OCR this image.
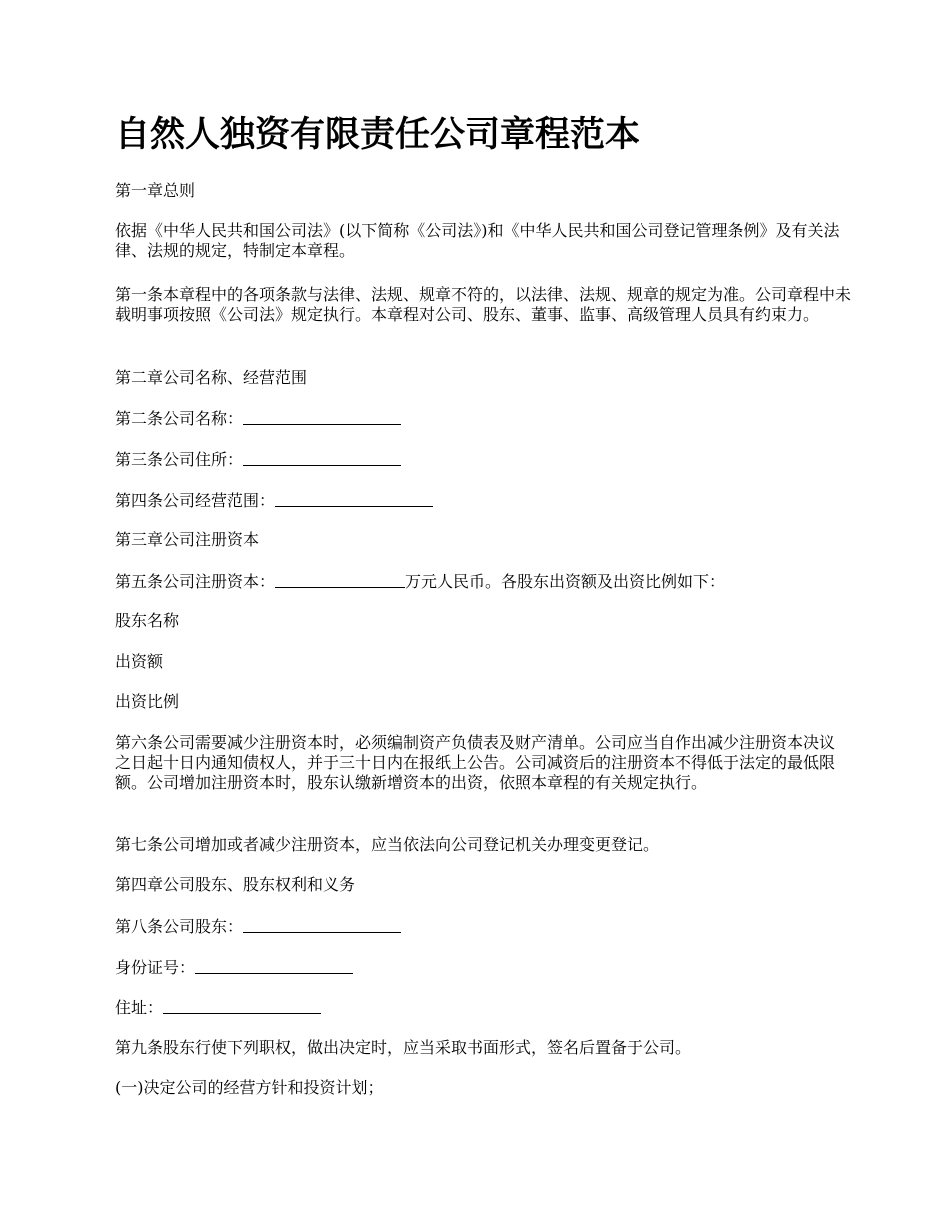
自然人独资有限责任公司章程范本

第一章总则

依据《中华人民共和国公司法》(以下简称《公司法》)和《中华人民共和国公司登记管理条例》及有关法律、法规的规定，特制定本章程。

第一条本章程中的各项条款与法律、法规、规章不符的，以法律、法规、规章的规定为准。公司章程中未载明事项按照《公司法》规定执行。本章程对公司、股东、董事、监事、高级管理人员具有约束力。

第二章公司名称、经营范围

第二条公司名称：

第三条公司住所：

第四条公司经营范围：

第三章公司注册资本

第五条公司注册资本：	万元人民币。各股东出资额及出资比例如下：

股东名称

出资额

出资比例

第六条公司需要减少注册资本时，必须编制资产负债表及财产清单。公司应当自作出减少注册资本决议之日起十日内通知债权人，并于三十日内在报纸上公告。公司减资后的注册资本不得低于法定的最低限额。公司增加注册资本时，股东认缴新增资本的出资，依照本章程的有关规定执行。

第七条公司增加或者减少注册资本，应当依法向公司登记机关办理变更登记。

第四章公司股东、股东权利和义务

第八条公司股东：

身份证号：

住址：

第九条股东行使下列职权，做出决定时，应当采取书面形式，签名后置备于公司。

(一)决定公司的经营方针和投资计划；
